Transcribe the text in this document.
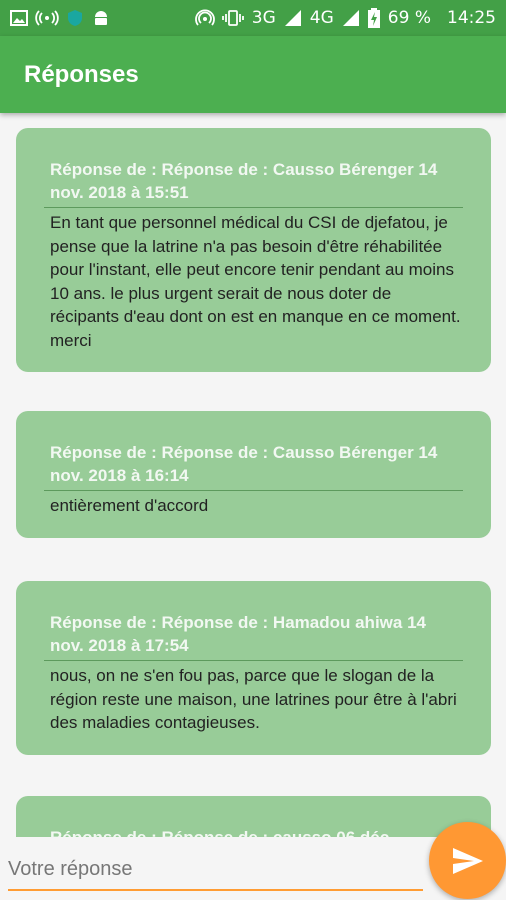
3G 4G	69 % 14:25
Réponses
Réponse de : Réponse de : Causso Bérenger 14 nov. 2018 à 15:51
En tant que personnel médical du CSI de djefatou, je pense que la latrine n'a pas besoin d'être réhabilitée pour l'instant, elle peut encore tenir pendant au moins 10 ans. le plus urgent serait de nous doter de récipants d'eau dont on est en manque en ce moment. merci
Réponse de : Réponse de : Causso Bérenger 14 nov. 2018 à 16:14
entièrement d'accord
Réponse de : Réponse de : Hamadou ahiwa 14 nov. 2018 à 17:54
nous, on ne s'en fou pas, parce que le slogan de la région reste une maison, une latrines pour être à l'abri des maladies contagieuses.
Votre réponse
